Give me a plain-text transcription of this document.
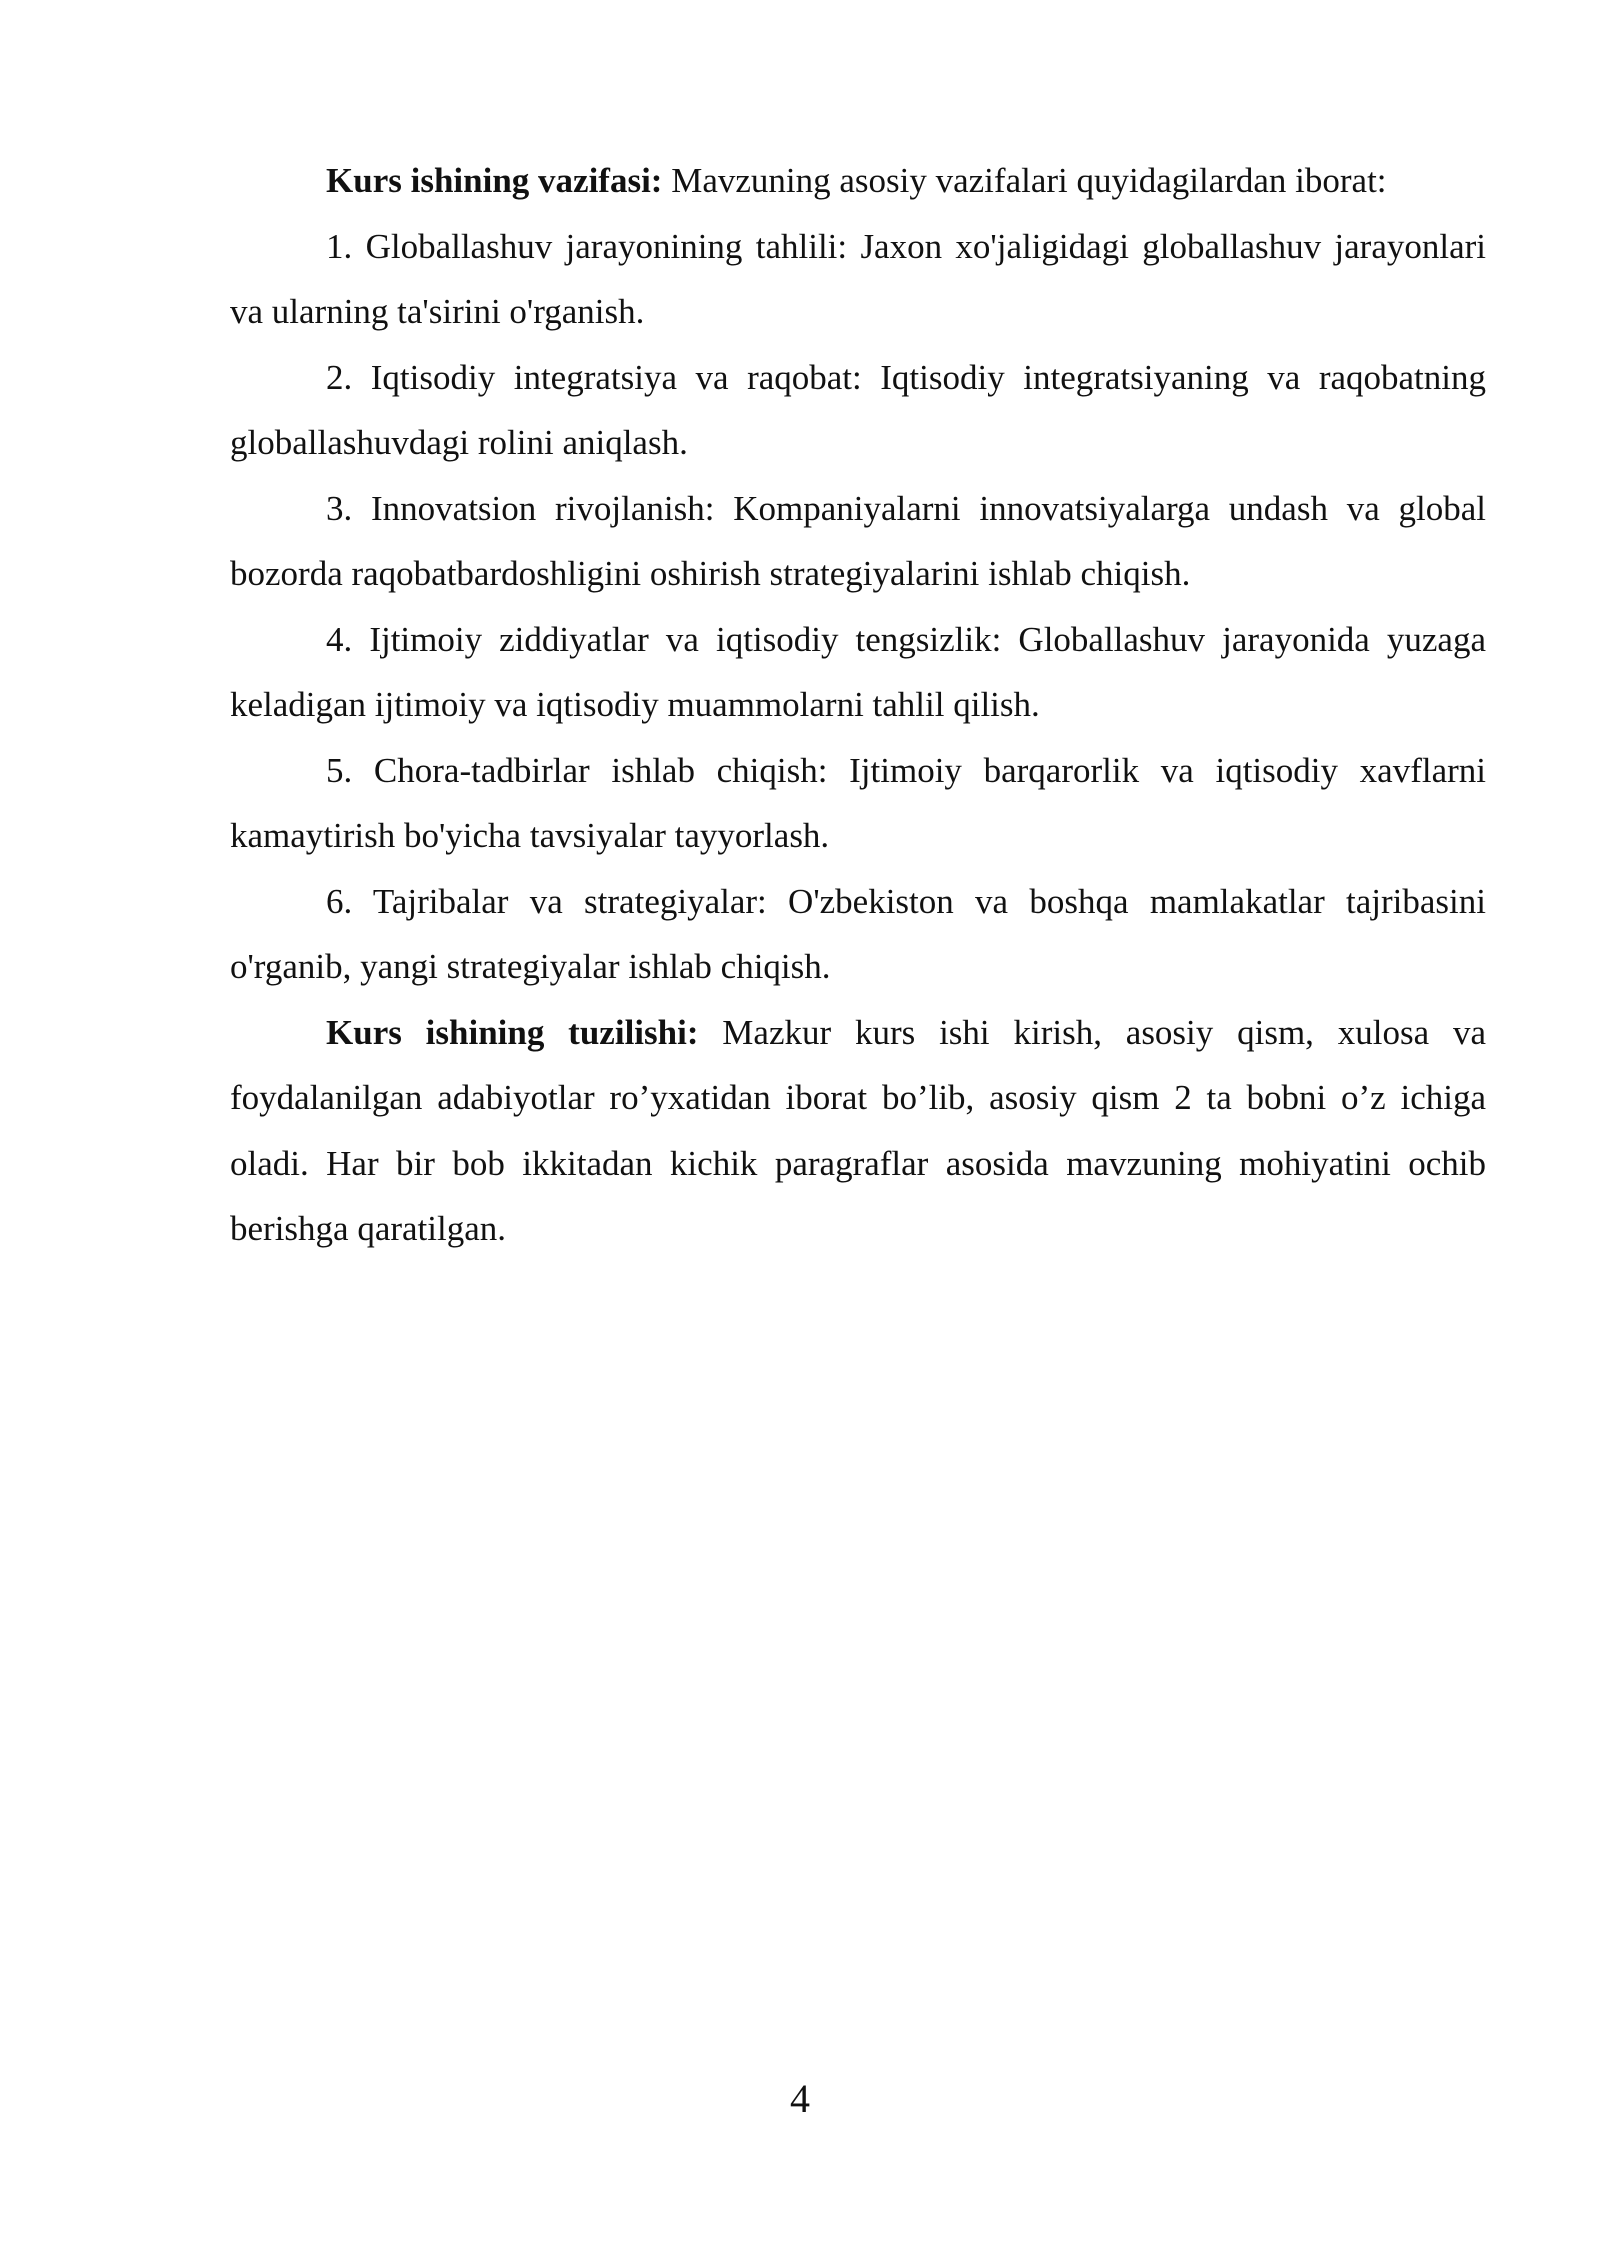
Kurs ishining vazifasi: Mavzuning asosiy vazifalari quyidagilardan iborat:

1. Globallashuv jarayonining tahlili: Jaxon xo'jaligidagi globallashuv jarayonlari va ularning ta'sirini o'rganish.

2. Iqtisodiy integratsiya va raqobat: Iqtisodiy integratsiyaning va raqobatning globallashuvdagi rolini aniqlash.

3. Innovatsion rivojlanish: Kompaniyalarni innovatsiyalarga undash va global bozorda raqobatbardoshligini oshirish strategiyalarini ishlab chiqish.

4. Ijtimoiy ziddiyatlar va iqtisodiy tengsizlik: Globallashuv jarayonida yuzaga keladigan ijtimoiy va iqtisodiy muammolarni tahlil qilish.

5. Chora-tadbirlar ishlab chiqish: Ijtimoiy barqarorlik va iqtisodiy xavflarni kamaytirish bo'yicha tavsiyalar tayyorlash.

6. Tajribalar va strategiyalar: O'zbekiston va boshqa mamlakatlar tajribasini o'rganib, yangi strategiyalar ishlab chiqish.

Kurs ishining tuzilishi: Mazkur kurs ishi kirish, asosiy qism, xulosa va foydalanilgan adabiyotlar ro’yxatidan iborat bo’lib, asosiy qism 2 ta bobni o’z ichiga oladi. Har bir bob ikkitadan kichik paragraflar asosida mavzuning mohiyatini ochib berishga qaratilgan.

4
